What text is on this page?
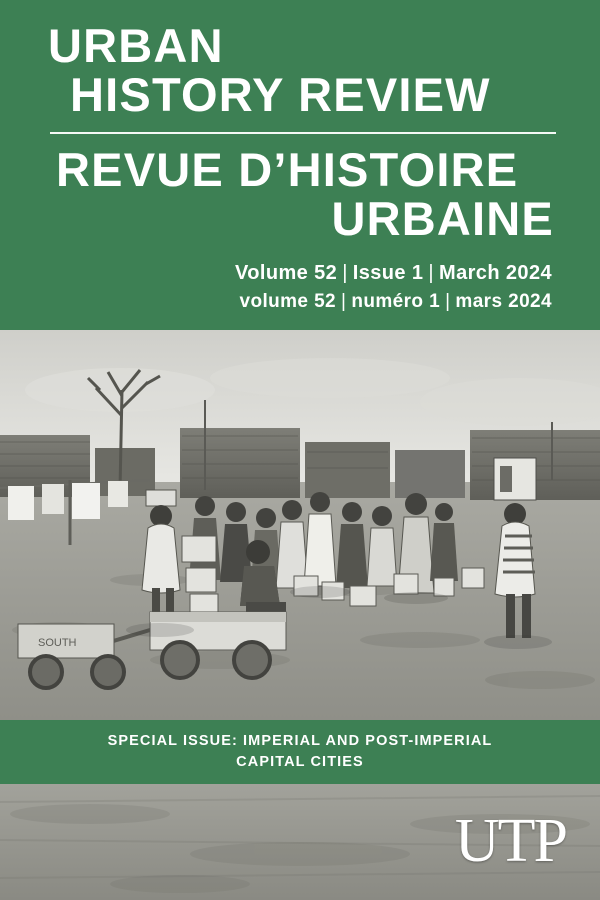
URBAN
HISTORY REVIEW
REVUE D’HISTOIRE
URBAINE
Volume 52 | Issue 1 | March 2024
volume 52 | numéro 1 | mars 2024
SOUTH
SPECIAL ISSUE: IMPERIAL AND POST-IMPERIAL
CAPITAL CITIES
UTP
